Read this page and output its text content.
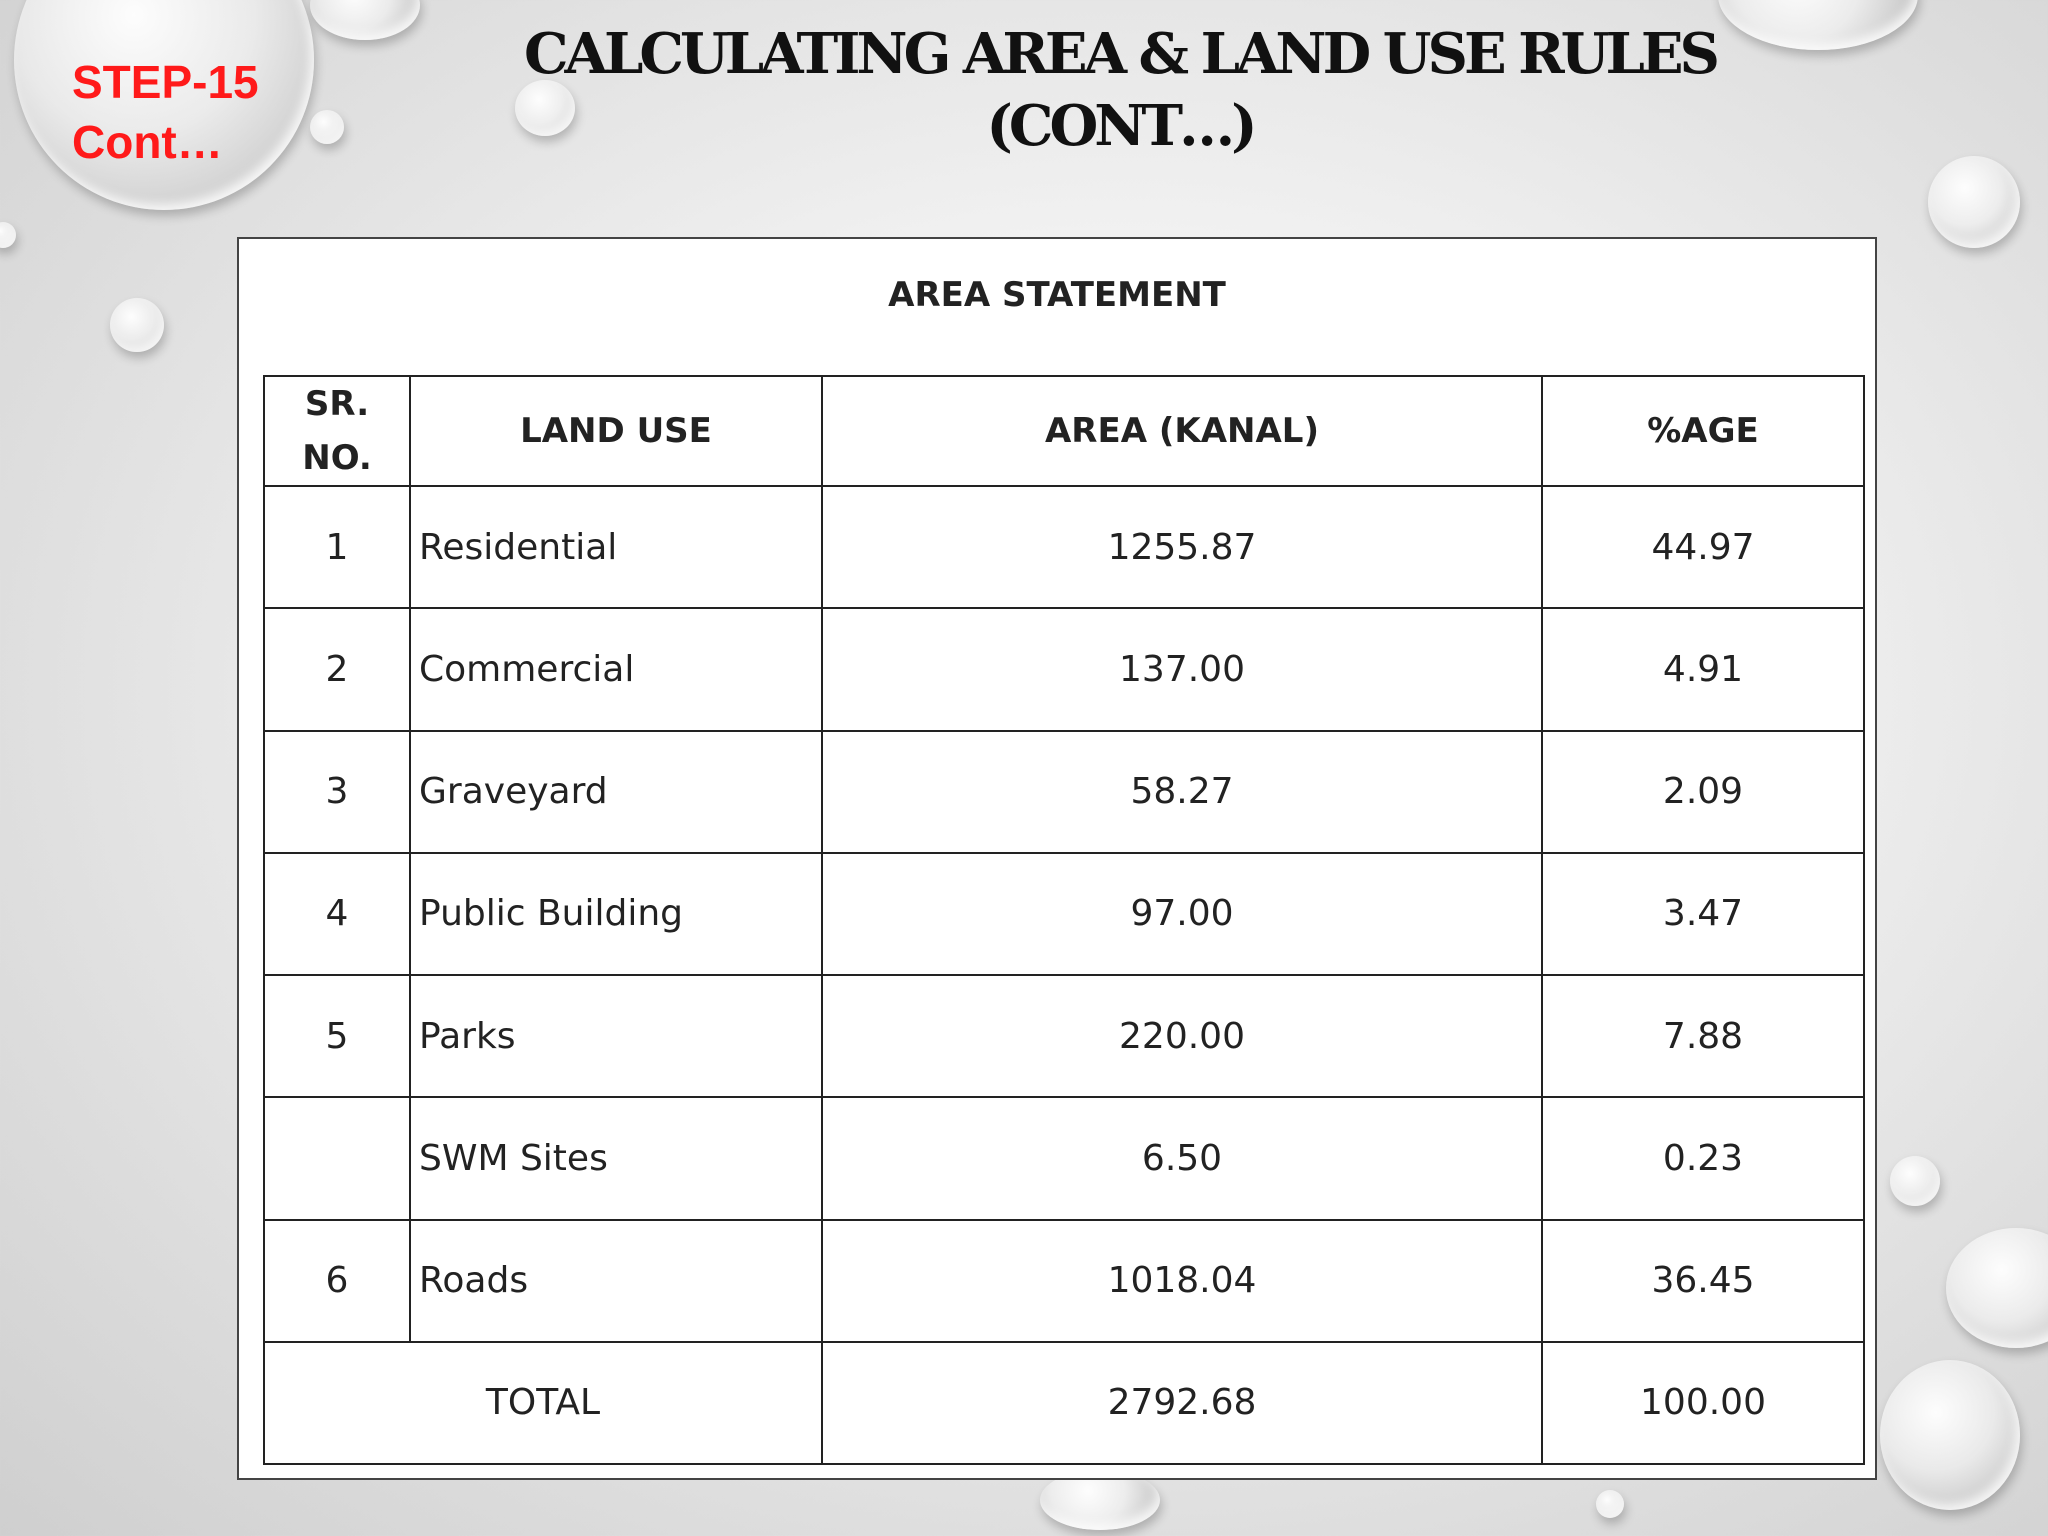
STEP-15
Cont…
CALCULATING AREA & LAND USE RULES
(CONT…)
AREA STATEMENT
SR.
NO.	LAND USE	AREA (KANAL)	%AGE
1	Residential	1255.87	44.97
2	Commercial	137.00	4.91
3	Graveyard	58.27	2.09
4	Public Building	97.00	3.47
5	Parks	220.00	7.88
	SWM Sites	6.50	0.23
6	Roads	1018.04	36.45
TOTAL		2792.68	100.00
